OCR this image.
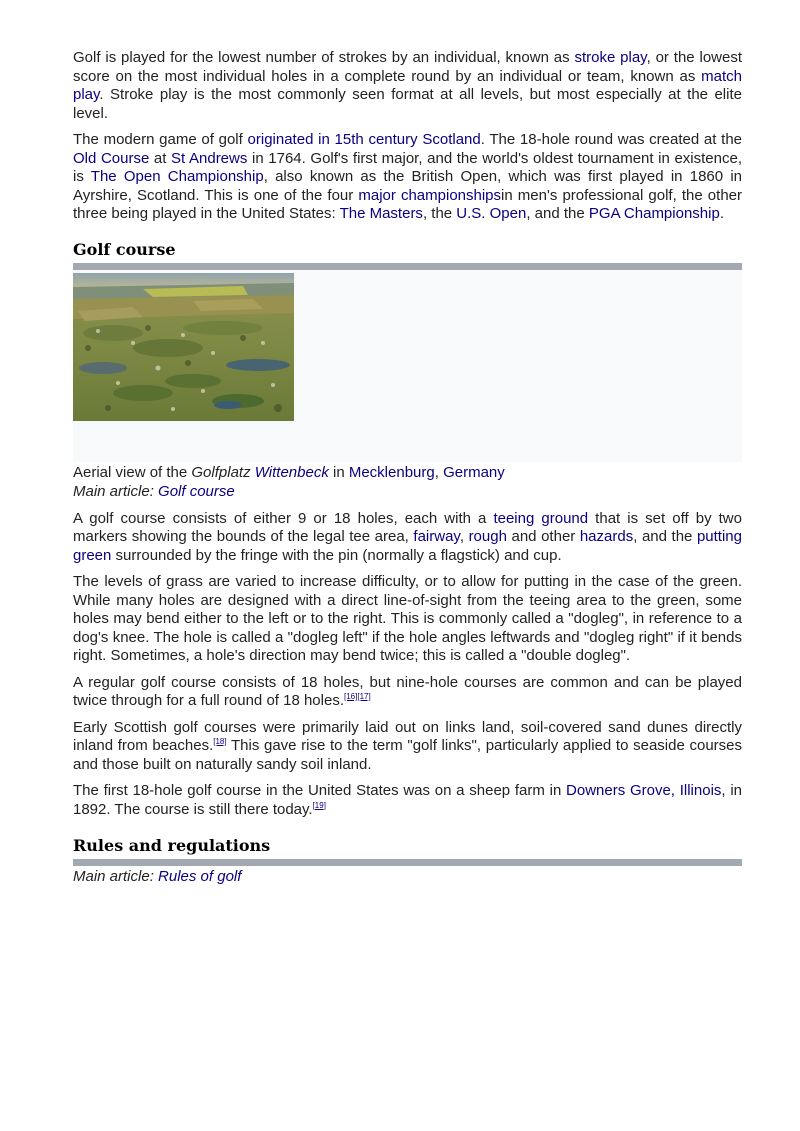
Golf is played for the lowest number of strokes by an individual, known as stroke play, or the lowest score on the most individual holes in a complete round by an individual or team, known as match play. Stroke play is the most commonly seen format at all levels, but most especially at the elite level.

The modern game of golf originated in 15th century Scotland. The 18-hole round was created at the Old Course at St Andrews in 1764. Golf's first major, and the world's oldest tournament in existence, is The Open Championship, also known as the British Open, which was first played in 1860 in Ayrshire, Scotland. This is one of the four major championshipsin men's professional golf, the other three being played in the United States: The Masters, the U.S. Open, and the PGA Championship.

Golf course

Aerial view of the Golfplatz Wittenbeck in Mecklenburg, Germany

Main article: Golf course

A golf course consists of either 9 or 18 holes, each with a teeing ground that is set off by two markers showing the bounds of the legal tee area, fairway, rough and other hazards, and the putting green surrounded by the fringe with the pin (normally a flagstick) and cup.

The levels of grass are varied to increase difficulty, or to allow for putting in the case of the green. While many holes are designed with a direct line-of-sight from the teeing area to the green, some holes may bend either to the left or to the right. This is commonly called a "dogleg", in reference to a dog's knee. The hole is called a "dogleg left" if the hole angles leftwards and "dogleg right" if it bends right. Sometimes, a hole's direction may bend twice; this is called a "double dogleg".

A regular golf course consists of 18 holes, but nine-hole courses are common and can be played twice through for a full round of 18 holes.[16][17]

Early Scottish golf courses were primarily laid out on links land, soil-covered sand dunes directly inland from beaches.[18] This gave rise to the term "golf links", particularly applied to seaside courses and those built on naturally sandy soil inland.

The first 18-hole golf course in the United States was on a sheep farm in Downers Grove, Illinois, in 1892. The course is still there today.[19]

Rules and regulations
Main article: Rules of golf
